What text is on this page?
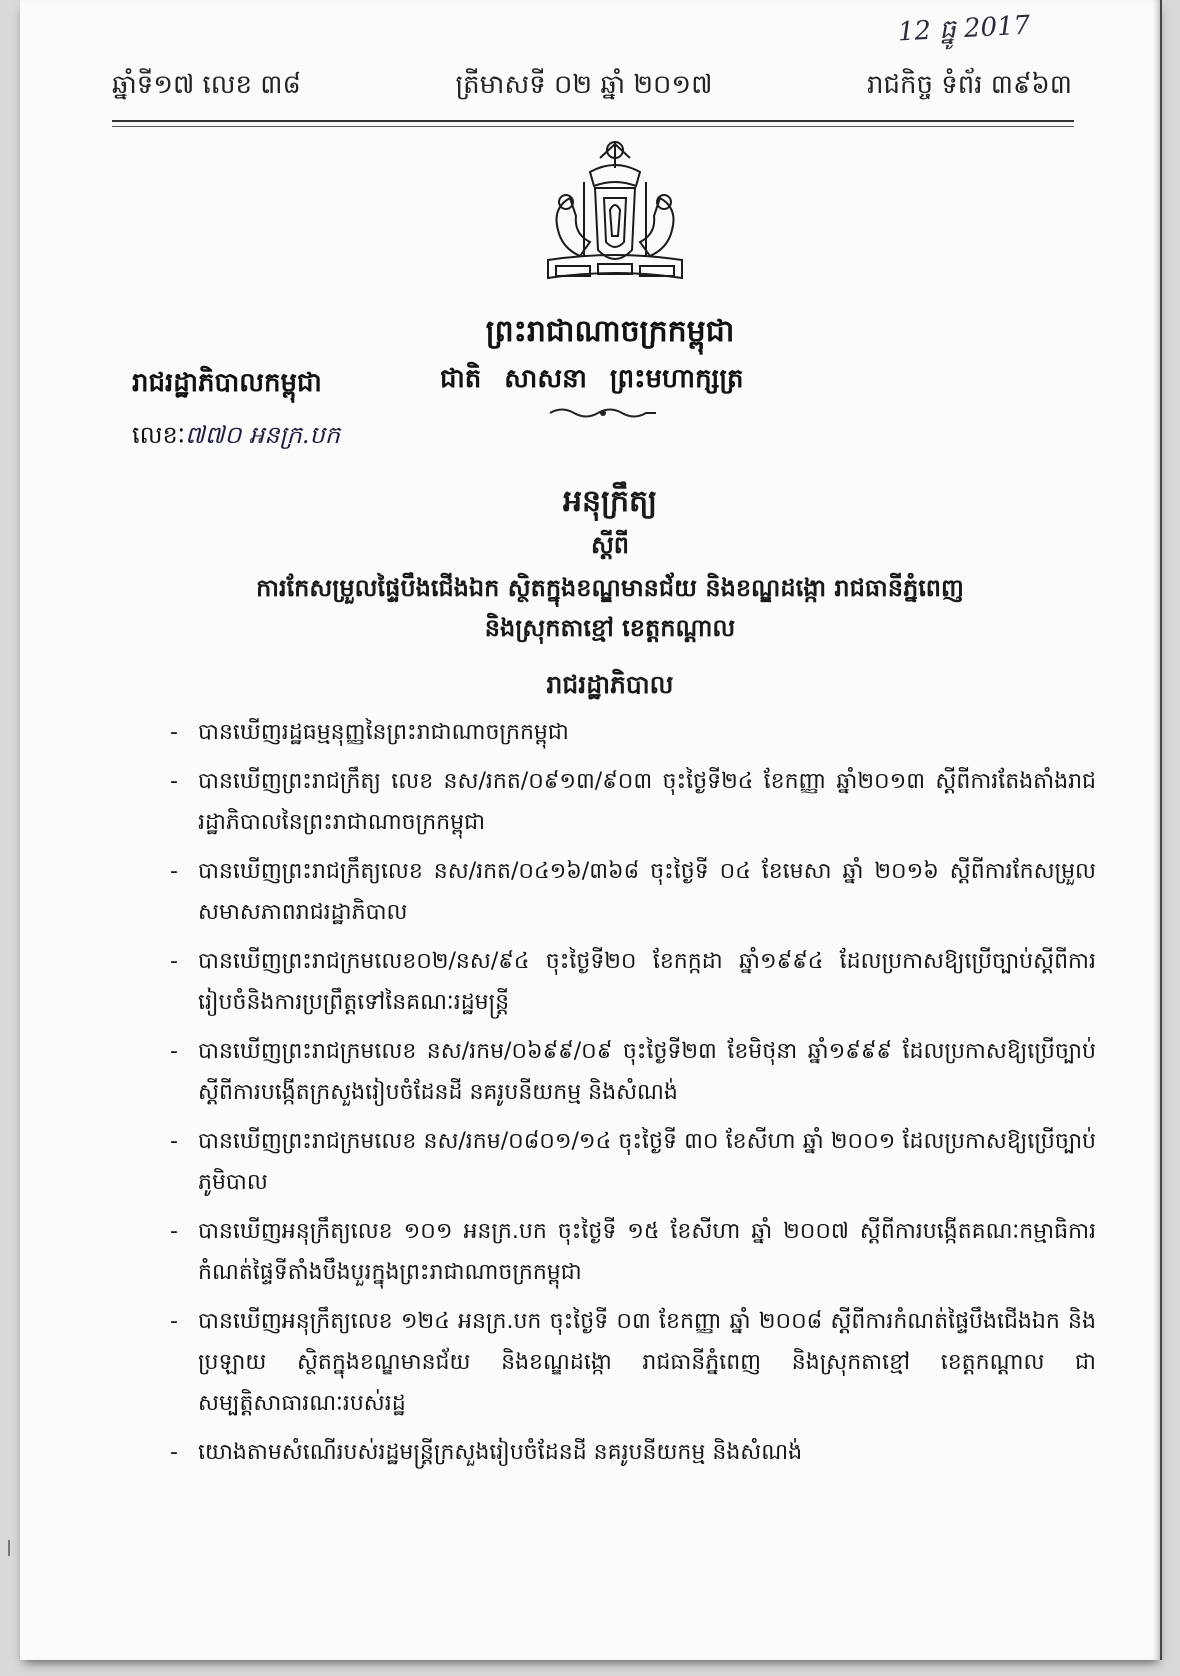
12 ធ្នូ 2017
ឆ្នាំទី១៧ លេខ ៣៨	ត្រីមាសទី ០២ ឆ្នាំ ២០១៧	រាជកិច្ច ទំព័រ ៣៩៦៣
ព្រះរាជាណាចក្រកម្ពុជា
រាជរដ្ឋាភិបាលកម្ពុជា	ជាតិ សាសនា ព្រះមហាក្សត្រ
លេខៈ៧៧០ អនក្រ.បក
អនុក្រឹត្យ
ស្តីពី
ការកែសម្រួលផ្ទៃបឹងជើងឯក ស្ថិតក្នុងខណ្ឌមានជ័យ និងខណ្ឌដង្កោ រាជធានីភ្នំពេញ
និងស្រុកតាខ្មៅ ខេត្តកណ្ដាល
រាជរដ្ឋាភិបាល
- បានឃើញរដ្ឋធម្មនុញ្ញនៃព្រះរាជាណាចក្រកម្ពុជា
- បានឃើញព្រះរាជក្រឹត្យ លេខ នស/រកត/០៩១៣/៩០៣ ចុះថ្ងៃទី២៤ ខែកញ្ញា ឆ្នាំ២០១៣ ស្តីពីការតែងតាំងរាជរដ្ឋាភិបាលនៃព្រះរាជាណាចក្រកម្ពុជា
- បានឃើញព្រះរាជក្រឹត្យលេខ នស/រកត/០៤១៦/៣៦៨ ចុះថ្ងៃទី ០៤ ខែមេសា ឆ្នាំ ២០១៦ ស្តីពីការកែសម្រួលសមាសភាពរាជរដ្ឋាភិបាល
- បានឃើញព្រះរាជក្រមលេខ០២/នស/៩៤ ចុះថ្ងៃទី២០ ខែកក្កដា ឆ្នាំ១៩៩៤ ដែលប្រកាសឱ្យប្រើច្បាប់ស្តីពីការរៀបចំនិងការប្រព្រឹត្តទៅនៃគណៈរដ្ឋមន្ត្រី
- បានឃើញព្រះរាជក្រមលេខ នស/រកម/០៦៩៩/០៩ ចុះថ្ងៃទី២៣ ខែមិថុនា ឆ្នាំ១៩៩៩ ដែលប្រកាសឱ្យប្រើច្បាប់ស្តីពីការបង្កើតក្រសួងរៀបចំដែនដី នគរូបនីយកម្ម និងសំណង់
- បានឃើញព្រះរាជក្រមលេខ នស/រកម/០៨០១/១៤ ចុះថ្ងៃទី ៣០ ខែសីហា ឆ្នាំ ២០០១ ដែលប្រកាសឱ្យប្រើច្បាប់ភូមិបាល
- បានឃើញអនុក្រឹត្យលេខ ១០១ អនក្រ.បក ចុះថ្ងៃទី ១៥ ខែសីហា ឆ្នាំ ២០០៧ ស្តីពីការបង្កើតគណៈកម្មាធិការកំណត់ផ្ទៃទីតាំងបឹងបួរក្នុងព្រះរាជាណាចក្រកម្ពុជា
- បានឃើញអនុក្រឹត្យលេខ ១២៤ អនក្រ.បក ចុះថ្ងៃទី ០៣ ខែកញ្ញា ឆ្នាំ ២០០៨ ស្តីពីការកំណត់ផ្ទៃបឹងជើងឯក និងប្រឡាយ ស្ថិតក្នុងខណ្ឌមានជ័យ និងខណ្ឌដង្កោ រាជធានីភ្នំពេញ និងស្រុកតាខ្មៅ ខេត្តកណ្ដាល ជាសម្បត្តិសាធារណៈរបស់រដ្ឋ
- យោងតាមសំណើរបស់រដ្ឋមន្ត្រីក្រសួងរៀបចំដែនដី នគរូបនីយកម្ម និងសំណង់
